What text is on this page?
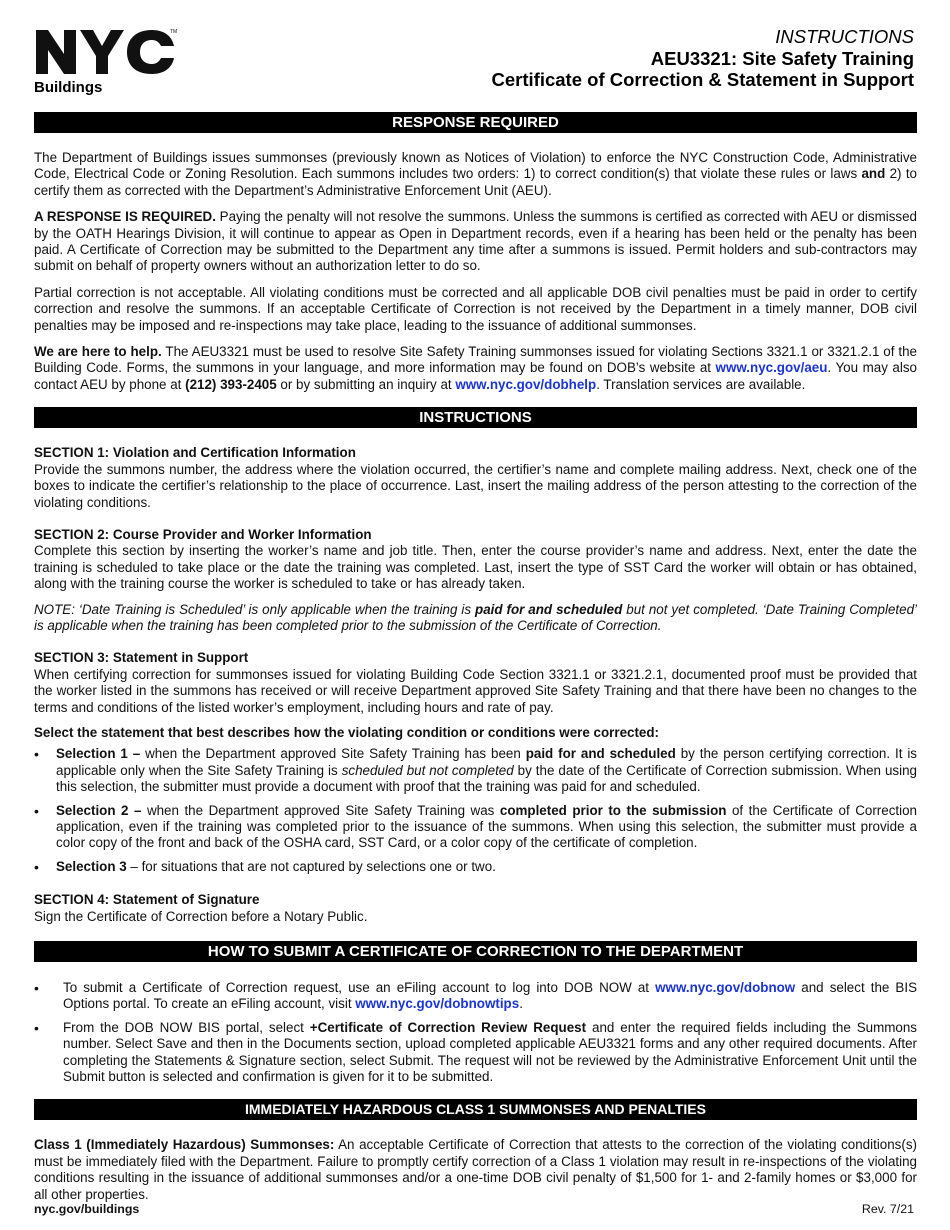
TM
Buildings
INSTRUCTIONS
AEU3321: Site Safety Training
Certificate of Correction & Statement in Support
RESPONSE REQUIRED

The Department of Buildings issues summonses (previously known as Notices of Violation) to enforce the NYC Construction Code, Administrative Code, Electrical Code or Zoning Resolution. Each summons includes two orders: 1) to correct condition(s) that violate these rules or laws and 2) to certify them as corrected with the Department’s Administrative Enforcement Unit (AEU).

A RESPONSE IS REQUIRED. Paying the penalty will not resolve the summons. Unless the summons is certified as corrected with AEU or dismissed by the OATH Hearings Division, it will continue to appear as Open in Department records, even if a hearing has been held or the penalty has been paid. A Certificate of Correction may be submitted to the Department any time after a summons is issued. Permit holders and sub-contractors may submit on behalf of property owners without an authorization letter to do so.

Partial correction is not acceptable. All violating conditions must be corrected and all applicable DOB civil penalties must be paid in order to certify correction and resolve the summons. If an acceptable Certificate of Correction is not received by the Department in a timely manner, DOB civil penalties may be imposed and re-inspections may take place, leading to the issuance of additional summonses.

We are here to help. The AEU3321 must be used to resolve Site Safety Training summonses issued for violating Sections 3321.1 or 3321.2.1 of the Building Code. Forms, the summons in your language, and more information may be found on DOB’s website at www.nyc.gov/aeu. You may also contact AEU by phone at (212) 393-2405 or by submitting an inquiry at www.nyc.gov/dobhelp. Translation services are available.

INSTRUCTIONS

SECTION 1: Violation and Certification Information

Provide the summons number, the address where the violation occurred, the certifier’s name and complete mailing address. Next, check one of the boxes to indicate the certifier’s relationship to the place of occurrence. Last, insert the mailing address of the person attesting to the correction of the violating conditions.

SECTION 2: Course Provider and Worker Information

Complete this section by inserting the worker’s name and job title. Then, enter the course provider’s name and address. Next, enter the date the training is scheduled to take place or the date the training was completed. Last, insert the type of SST Card the worker will obtain or has obtained, along with the training course the worker is scheduled to take or has already taken.

NOTE: ‘Date Training is Scheduled’ is only applicable when the training is paid for and scheduled but not yet completed. ‘Date Training Completed’ is applicable when the training has been completed prior to the submission of the Certificate of Correction.

SECTION 3: Statement in Support

When certifying correction for summonses issued for violating Building Code Section 3321.1 or 3321.2.1, documented proof must be provided that the worker listed in the summons has received or will receive Department approved Site Safety Training and that there have been no changes to the terms and conditions of the listed worker’s employment, including hours and rate of pay.

Select the statement that best describes how the violating condition or conditions were corrected:

• Selection 1 – when the Department approved Site Safety Training has been paid for and scheduled by the person certifying correction. It is applicable only when the Site Safety Training is scheduled but not completed by the date of the Certificate of Correction submission. When using this selection, the submitter must provide a document with proof that the training was paid for and scheduled.
• Selection 2 – when the Department approved Site Safety Training was completed prior to the submission of the Certificate of Correction application, even if the training was completed prior to the issuance of the summons. When using this selection, the submitter must provide a color copy of the front and back of the OSHA card, SST Card, or a color copy of the certificate of completion.
• Selection 3 – for situations that are not captured by selections one or two.

SECTION 4: Statement of Signature

Sign the Certificate of Correction before a Notary Public.

HOW TO SUBMIT A CERTIFICATE OF CORRECTION TO THE DEPARTMENT
• To submit a Certificate of Correction request, use an eFiling account to log into DOB NOW at www.nyc.gov/dobnow and select the BIS Options portal. To create an eFiling account, visit www.nyc.gov/dobnowtips.
• From the DOB NOW BIS portal, select +Certificate of Correction Review Request and enter the required fields including the Summons number. Select Save and then in the Documents section, upload completed applicable AEU3321 forms and any other required documents. After completing the Statements & Signature section, select Submit. The request will not be reviewed by the Administrative Enforcement Unit until the Submit button is selected and confirmation is given for it to be submitted.
IMMEDIATELY HAZARDOUS CLASS 1 SUMMONSES AND PENALTIES

Class 1 (Immediately Hazardous) Summonses: An acceptable Certificate of Correction that attests to the correction of the violating conditions(s) must be immediately filed with the Department. Failure to promptly certify correction of a Class 1 violation may result in re-inspections of the violating conditions resulting in the issuance of additional summonses and/or a one-time DOB civil penalty of $1,500 for 1- and 2-family homes or $3,000 for all other properties.

nyc.gov/buildings	Rev. 7/21
